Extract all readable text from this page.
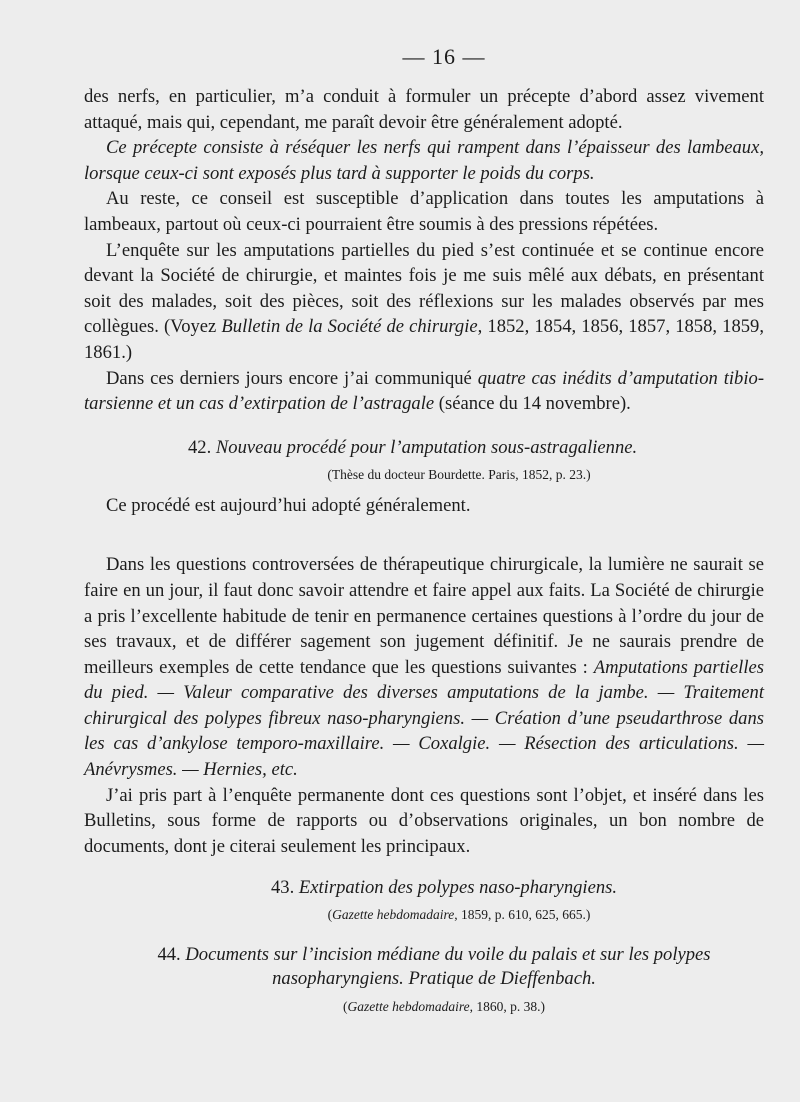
— 16 —

des nerfs, en particulier, m’a conduit à formuler un précepte d’abord assez vivement attaqué, mais qui, cependant, me paraît devoir être généralement adopté.

Ce précepte consiste à réséquer les nerfs qui rampent dans l’épaisseur des lambeaux, lorsque ceux-ci sont exposés plus tard à supporter le poids du corps.

Au reste, ce conseil est susceptible d’application dans toutes les amputations à lambeaux, partout où ceux-ci pourraient être soumis à des pressions répétées.

L’enquête sur les amputations partielles du pied s’est continuée et se continue encore devant la Société de chirurgie, et maintes fois je me suis mêlé aux débats, en présentant soit des malades, soit des pièces, soit des réflexions sur les malades observés par mes collègues. (Voyez Bulletin de la Société de chirurgie, 1852, 1854, 1856, 1857, 1858, 1859, 1861.)

Dans ces derniers jours encore j’ai communiqué quatre cas inédits d’amputation tibio-tarsienne et un cas d’extirpation de l’astragale (séance du 14 novembre).

42. Nouveau procédé pour l’amputation sous-astragalienne.
(Thèse du docteur Bourdette. Paris, 1852, p. 23.)

Ce procédé est aujourd’hui adopté généralement.

Dans les questions controversées de thérapeutique chirurgicale, la lumière ne saurait se faire en un jour, il faut donc savoir attendre et faire appel aux faits. La Société de chirurgie a pris l’excellente habitude de tenir en permanence certaines questions à l’ordre du jour de ses travaux, et de différer sagement son jugement définitif. Je ne saurais prendre de meilleurs exemples de cette tendance que les questions suivantes : Amputations partielles du pied. — Valeur comparative des diverses amputations de la jambe. — Traitement chirurgical des polypes fibreux naso-pharyngiens. — Création d’une pseudarthrose dans les cas d’ankylose temporo-maxillaire. — Coxalgie. — Résection des articulations. — Anévrysmes. — Hernies, etc.

J’ai pris part à l’enquête permanente dont ces questions sont l’objet, et inséré dans les Bulletins, sous forme de rapports ou d’observations originales, un bon nombre de documents, dont je citerai seulement les principaux.

43. Extirpation des polypes naso-pharyngiens.
(Gazette hebdomadaire, 1859, p. 610, 625, 665.)
44. Documents sur l’incision médiane du voile du palais et sur les polypes nasopharyngiens. Pratique de Dieffenbach.
(Gazette hebdomadaire, 1860, p. 38.)
